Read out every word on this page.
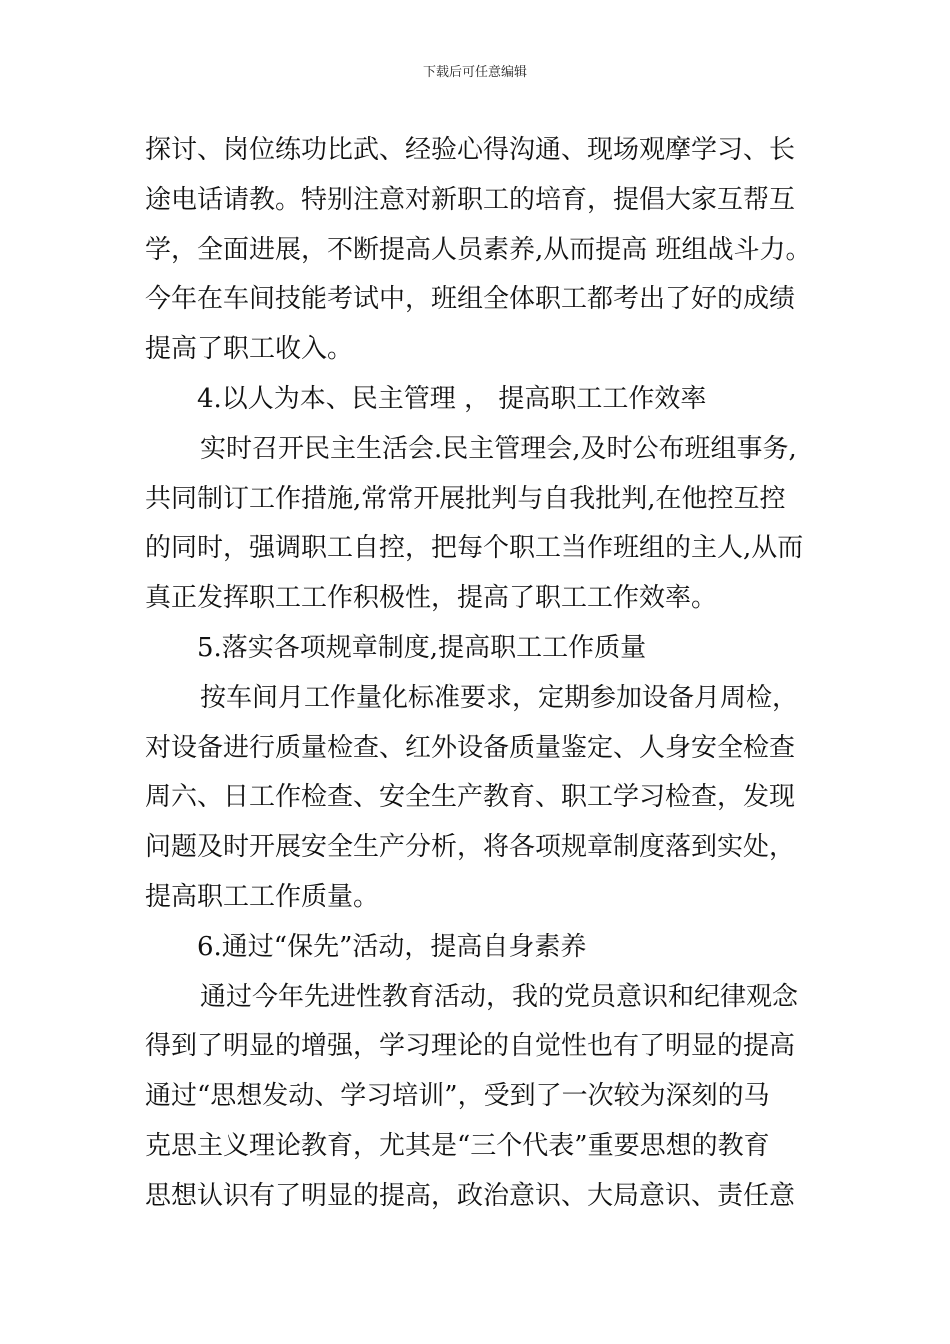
下载后可任意编辑
探讨、岗位练功比武、经验心得沟通、现场观摩学习、长
途电话请教。特别注意对新职工的培育，提倡大家互帮互
学，全面进展，不断提高人员素养,从而提高 班组战斗力。
今年在车间技能考试中，班组全体职工都考出了好的成绩
提高了职工收入。
4.以人为本、民主管理 ， 提高职工工作效率
实时召开民主生活会.民主管理会,及时公布班组事务,
共同制订工作措施,常常开展批判与自我批判,在他控互控
的同时，强调职工自控，把每个职工当作班组的主人,从而
真正发挥职工工作积极性，提高了职工工作效率。
5.落实各项规章制度,提高职工工作质量
按车间月工作量化标准要求，定期参加设备月周检，
对设备进行质量检查、红外设备质量鉴定、人身安全检查
周六、日工作检查、安全生产教育、职工学习检查，发现
问题及时开展安全生产分析，将各项规章制度落到实处，
提高职工工作质量。
6.通过“保先”活动，提高自身素养
通过今年先进性教育活动，我的党员意识和纪律观念
得到了明显的增强，学习理论的自觉性也有了明显的提高
通过“思想发动、学习培训”，受到了一次较为深刻的马
克思主义理论教育，尤其是“三个代表”重要思想的教育
思想认识有了明显的提高，政治意识、大局意识、责任意
